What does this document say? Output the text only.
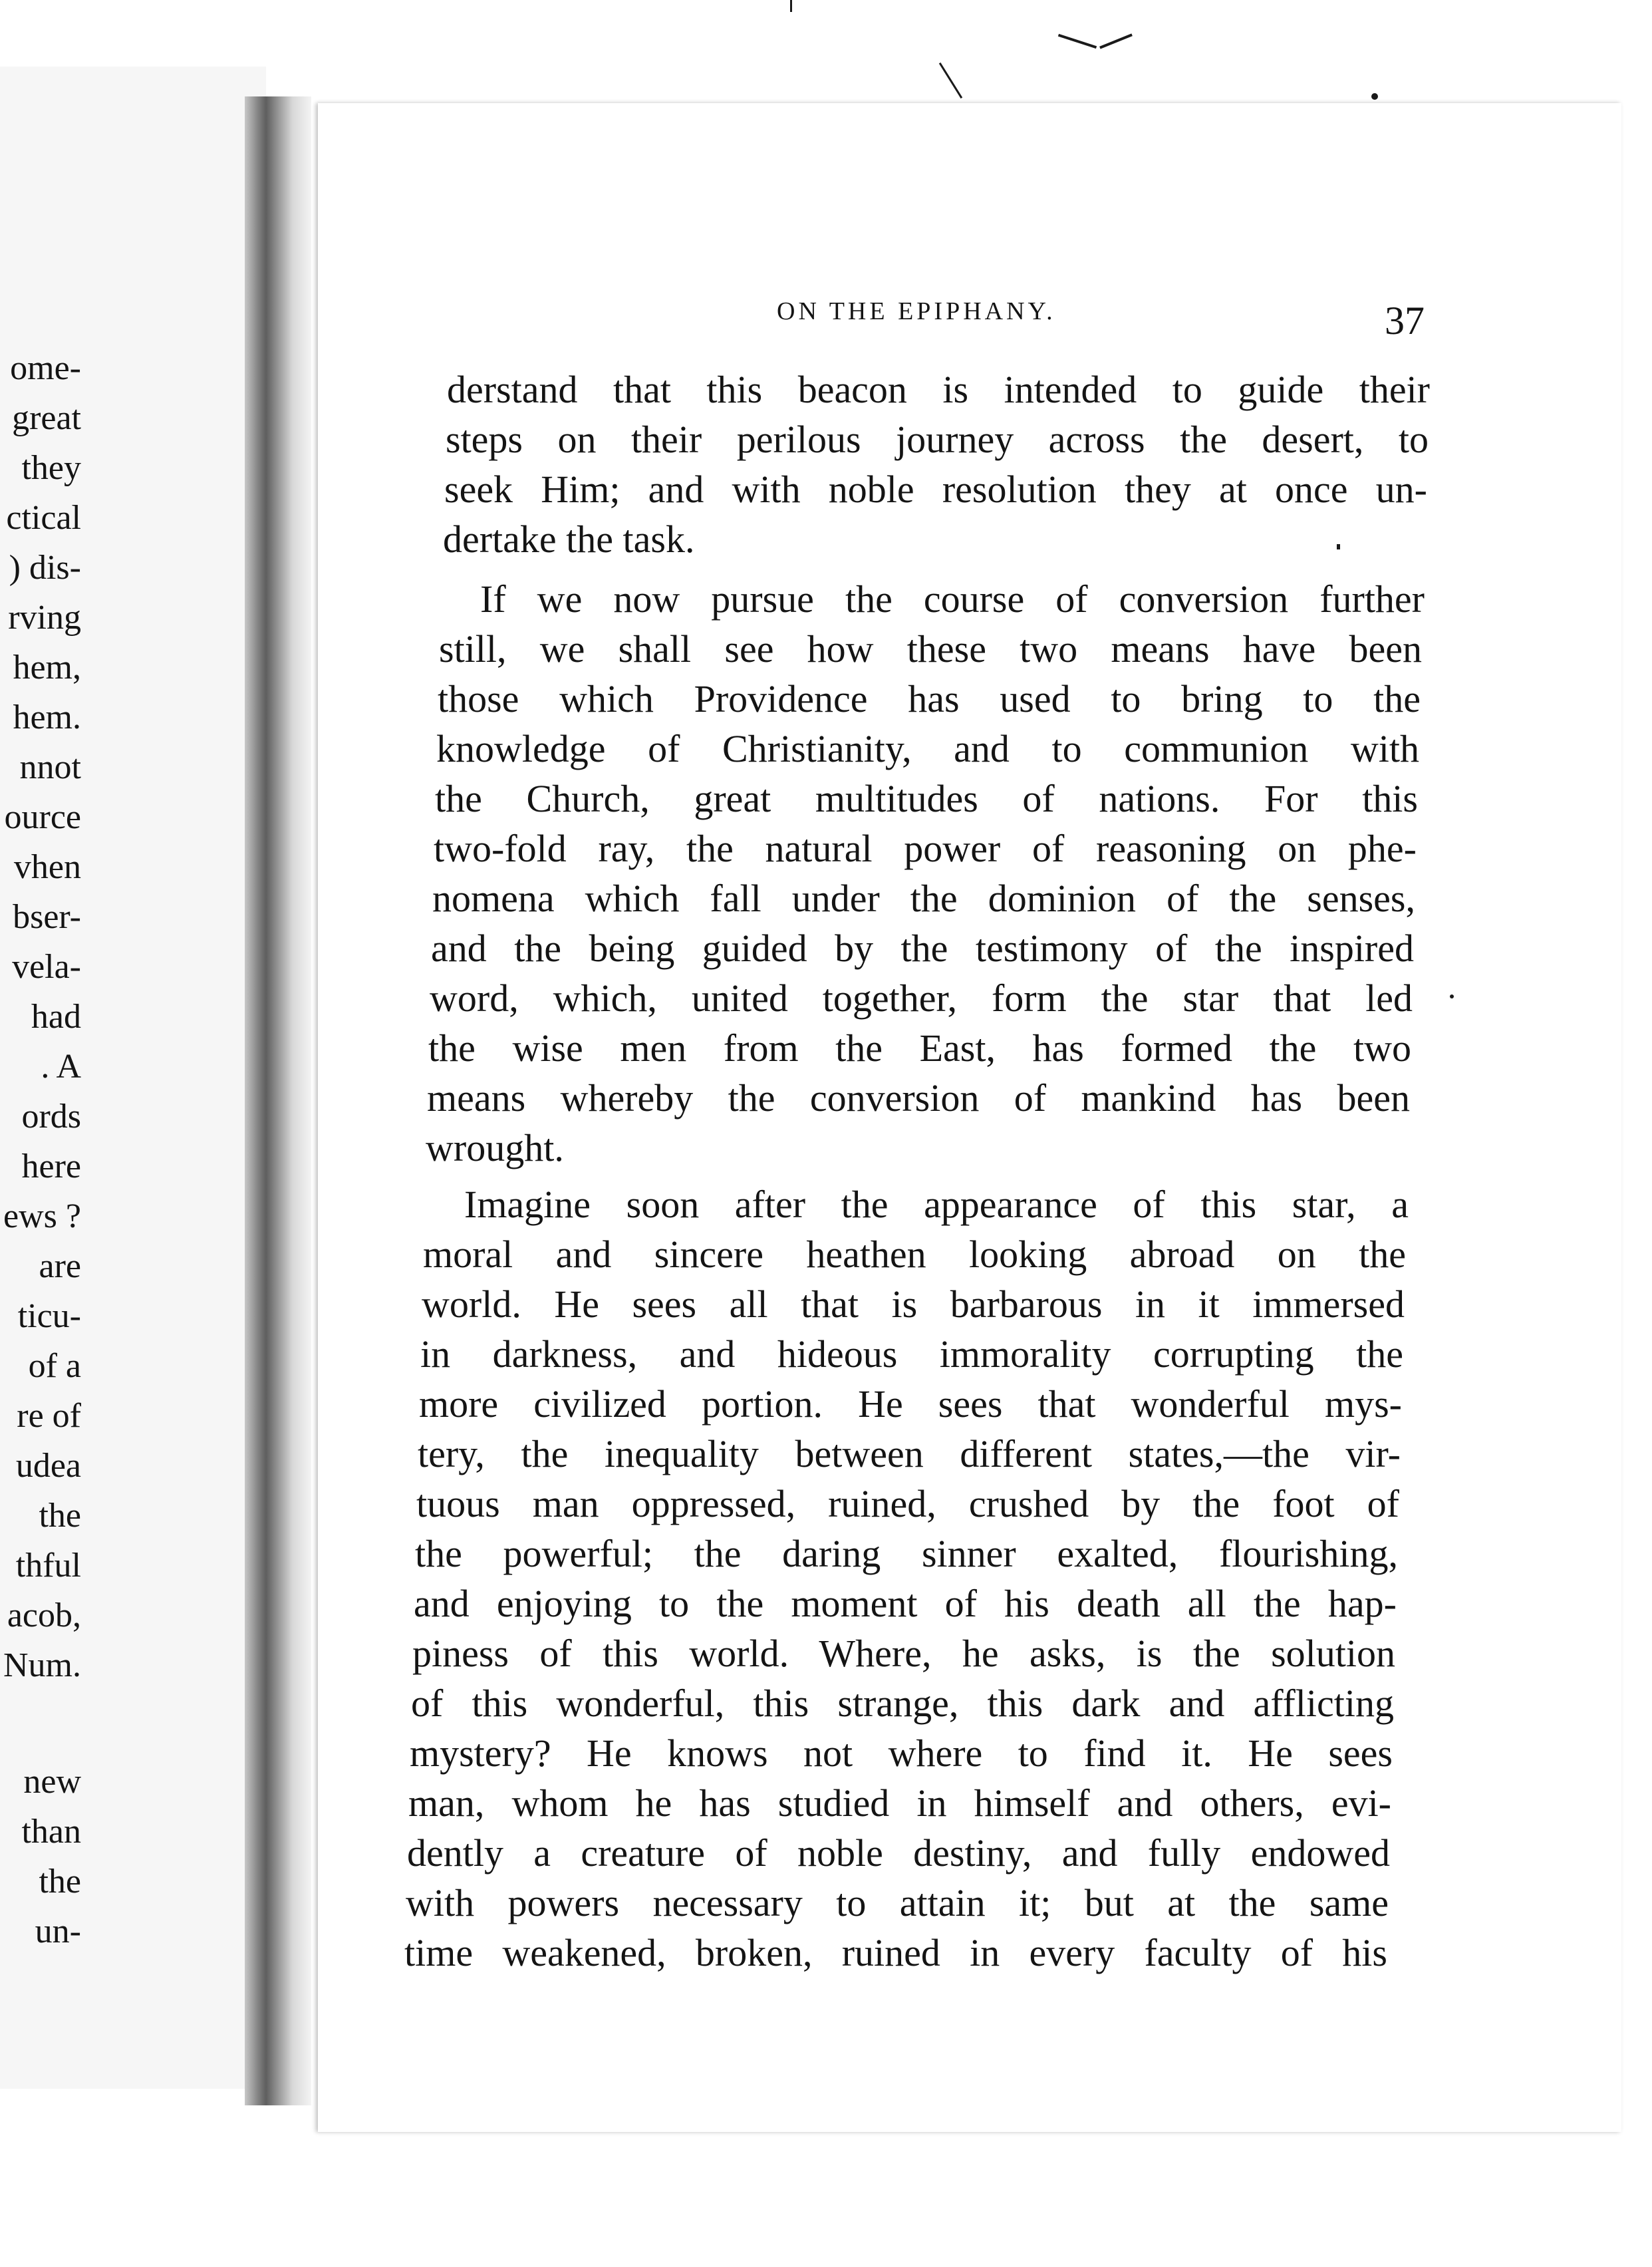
ome-
great
they
ctical
) dis-
rving
hem,
hem.
nnot
ource
vhen
bser-
vela-
had
. A
ords
here
ews ?
are
ticu-
of a
re of
udea
the
thful
acob,
Num.
new
than
the
un-
ON THE EPIPHANY.	37
derstand that this beacon is intended to guide their
steps on their perilous journey across the desert, to
seek Him; and with noble resolution they at once un-
dertake the task.
If we now pursue the course of conversion further
still, we shall see how these two means have been
those which Providence has used to bring to the
knowledge of Christianity, and to communion with
the Church, great multitudes of nations. For this
two-fold ray, the natural power of reasoning on phe-
nomena which fall under the dominion of the senses,
and the being guided by the testimony of the inspired
word, which, united together, form the star that led
the wise men from the East, has formed the two
means whereby the conversion of mankind has been
wrought.
Imagine soon after the appearance of this star, a
moral and sincere heathen looking abroad on the
world. He sees all that is barbarous in it immersed
in darkness, and hideous immorality corrupting the
more civilized portion. He sees that wonderful mys-
tery, the inequality between different states,—the vir-
tuous man oppressed, ruined, crushed by the foot of
the powerful; the daring sinner exalted, flourishing,
and enjoying to the moment of his death all the hap-
piness of this world. Where, he asks, is the solution
of this wonderful, this strange, this dark and afflicting
mystery? He knows not where to find it. He sees
man, whom he has studied in himself and others, evi-
dently a creature of noble destiny, and fully endowed
with powers necessary to attain it; but at the same
time weakened, broken, ruined in every faculty of his
